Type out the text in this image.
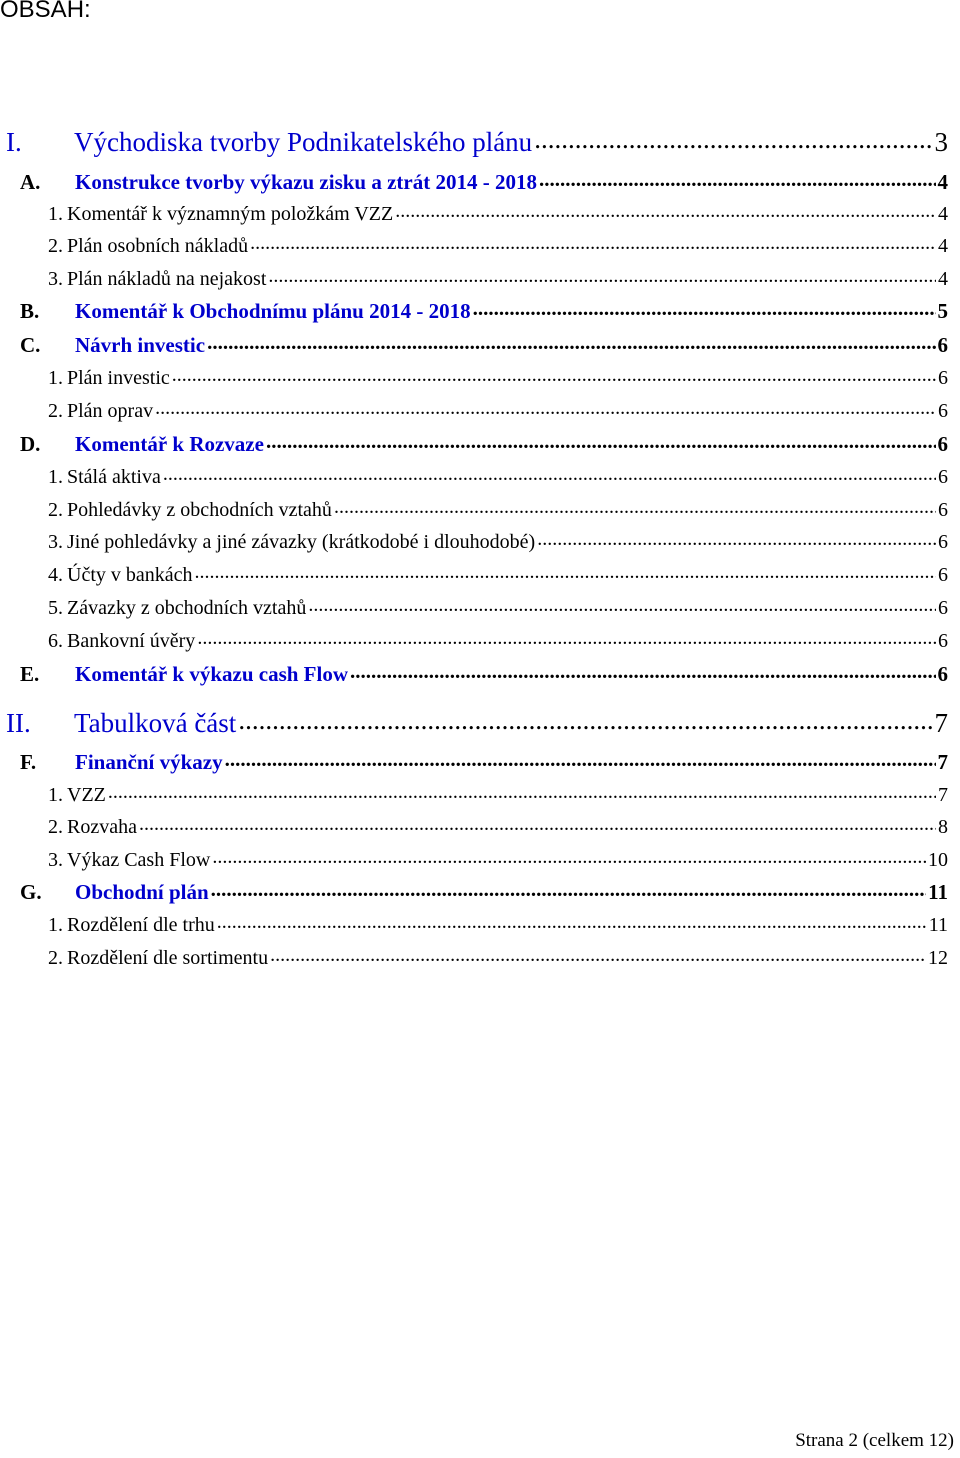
OBSAH:
I.	Východiska tvorby Podnikatelského plánu .....	3
A.	Konstrukce tvorby výkazu zisku a ztrát 2014 - 2018 .....	4
1. Komentář k významným položkám VZZ .....	4
2. Plán osobních nákladů .....	4
3. Plán nákladů na nejakost .....	4
B.	Komentář k Obchodnímu plánu 2014 - 2018 .....	5
C.	Návrh investic .....	6
1. Plán investic .....	6
2. Plán oprav .....	6
D.	Komentář k Rozvaze .....	6
1. Stálá aktiva .....	6
2. Pohledávky z obchodních vztahů .....	6
3. Jiné pohledávky a jiné závazky (krátkodobé i dlouhodobé) .....	6
4. Účty v bankách .....	6
5. Závazky z obchodních vztahů .....	6
6. Bankovní úvěry .....	6
E.	Komentář k výkazu cash Flow .....	6
II.	Tabulková část .....	7
F.	Finanční výkazy .....	7
1. VZZ .....	7
2. Rozvaha .....	8
3. Výkaz Cash Flow .....	10
G.	Obchodní plán .....	11
1. Rozdělení dle trhu .....	11
2. Rozdělení dle sortimentu .....	12
Strana 2 (celkem 12)
